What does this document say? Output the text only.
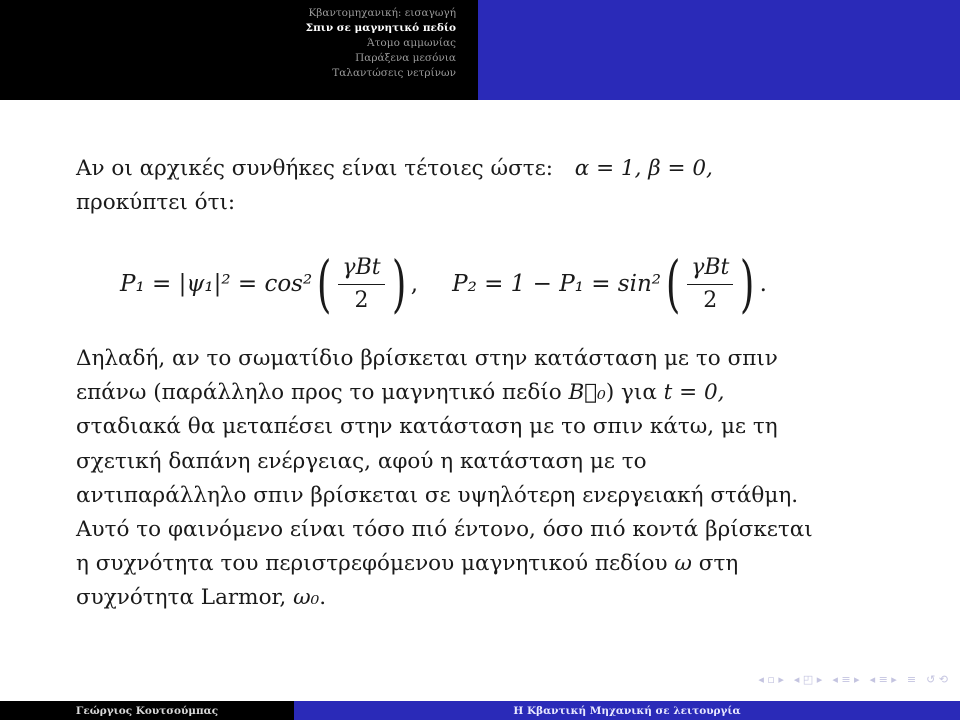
Κβαντομηχανική: εισαγωγή
Σπιν σε μαγνητικό πεδίο
Άτομο αμμωνίας
Παράξενα μεσόνια
Ταλαντώσεις νετρίνων

Αν οι αρχικές συνθήκες είναι τέτοιες ώστε: α = 1, β = 0,

προκύπτει ότι:

P₁ = |ψ₁|² = cos² ( $\frac{\text{γBt}}{2}$ ) , P₂ = 1 − P₁ = sin² ( $\frac{\text{γBt}}{2}$ ) .
Δηλαδή, αν το σωματίδιο βρίσκεται στην κατάσταση με το σπιν
επάνω (παράλληλο προς το μαγνητικό πεδίο B⃗₀) για t = 0,
σταδιακά θα μεταπέσει στην κατάσταση με το σπιν κάτω, με τη
σχετική δαπάνη ενέργειας, αφού η κατάσταση με το
αντιπαράλληλο σπιν βρίσκεται σε υψηλότερη ενεργειακή στάθμη.
Αυτό το φαινόμενο είναι τόσο πιό έντονο, όσο πιό κοντά βρίσκεται
η συχνότητα του περιστρεφόμενου μαγνητικού πεδίου ω στη
συχνότητα Larmor, ω₀.
◂ ▫ ▸ ◂ ◰ ▸ ◂ ≡ ▸ ◂ ≡ ▸ ≡ ↺ ⟲
Γεώργιος Κουτσούμπας	Η Κβαντική Μηχανική σε λειτουργία
